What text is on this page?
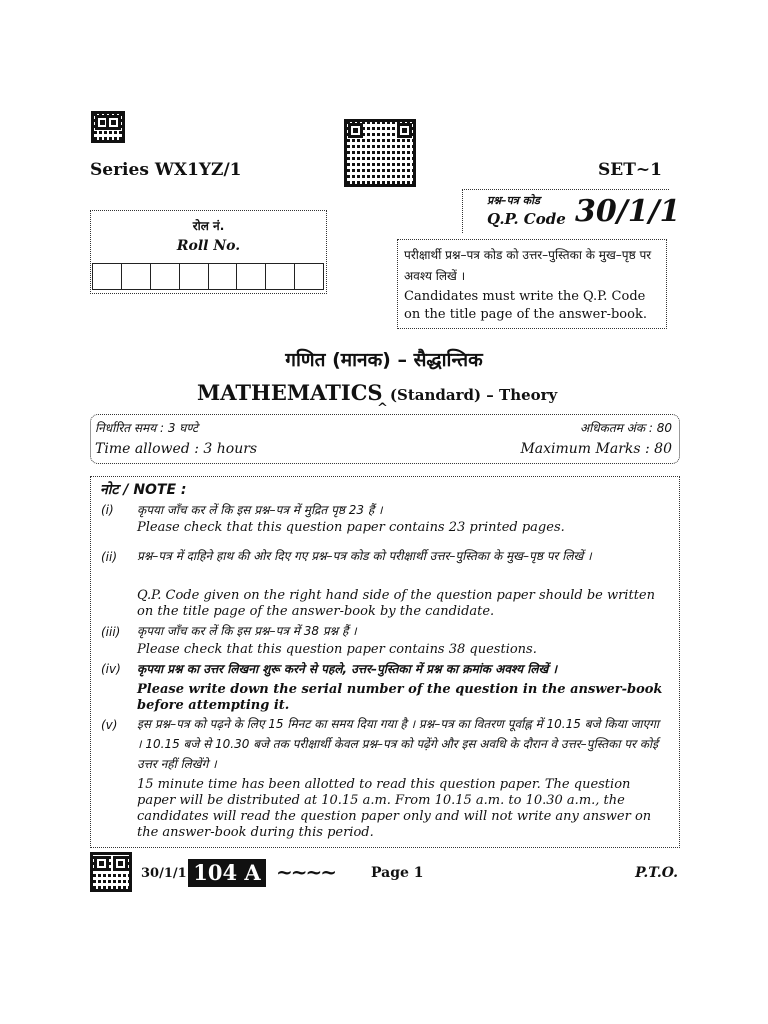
Series WX1YZ/1	SET~1
प्रश्न–पत्र कोड
Q.P. Code 30/1/1
रोल नं.
Roll No.
परीक्षार्थी प्रश्न–पत्र कोड को उत्तर–पुस्तिका के मुख–पृष्ठ पर अवश्य लिखें ।
Candidates must write the Q.P. Code on the title page of the answer-book.
गणित (मानक) – सैद्धान्तिक
MATHEMATICS (Standard) – Theory
^
निर्धारित समय : 3 घण्टे
Time allowed : 3 hours
अधिकतम अंक : 80
Maximum Marks : 80
नोट / NOTE :
(i) कृपया जाँच कर लें कि इस प्रश्न–पत्र में मुद्रित पृष्ठ 23 हैं ।
Please check that this question paper contains 23 printed pages.
(ii) प्रश्न–पत्र में दाहिने हाथ की ओर दिए गए प्रश्न–पत्र कोड को परीक्षार्थी उत्तर–पुस्तिका के मुख–पृष्ठ पर लिखें ।
Q.P. Code given on the right hand side of the question paper should be written on the title page of the answer-book by the candidate.
(iii) कृपया जाँच कर लें कि इस प्रश्न–पत्र में 38 प्रश्न हैं ।
Please check that this question paper contains 38 questions.
(iv) कृपया प्रश्न का उत्तर लिखना शुरू करने से पहले, उत्तर–पुस्तिका में प्रश्न का क्रमांक अवश्य लिखें ।
Please write down the serial number of the question in the answer-book before attempting it.
(v) इस प्रश्न–पत्र को पढ़ने के लिए 15 मिनट का समय दिया गया है । प्रश्न–पत्र का वितरण पूर्वाह्न में 10.15 बजे किया जाएगा । 10.15 बजे से 10.30 बजे तक परीक्षार्थी केवल प्रश्न–पत्र को पढ़ेंगे और इस अवधि के दौरान वे उत्तर–पुस्तिका पर कोई उत्तर नहीं लिखेंगे ।
15 minute time has been allotted to read this question paper. The question paper will be distributed at 10.15 a.m. From 10.15 a.m. to 10.30 a.m., the candidates will read the question paper only and will not write any answer on the answer-book during this period.
30/1/1 104 A ~~~~	Page 1	P.T.O.
